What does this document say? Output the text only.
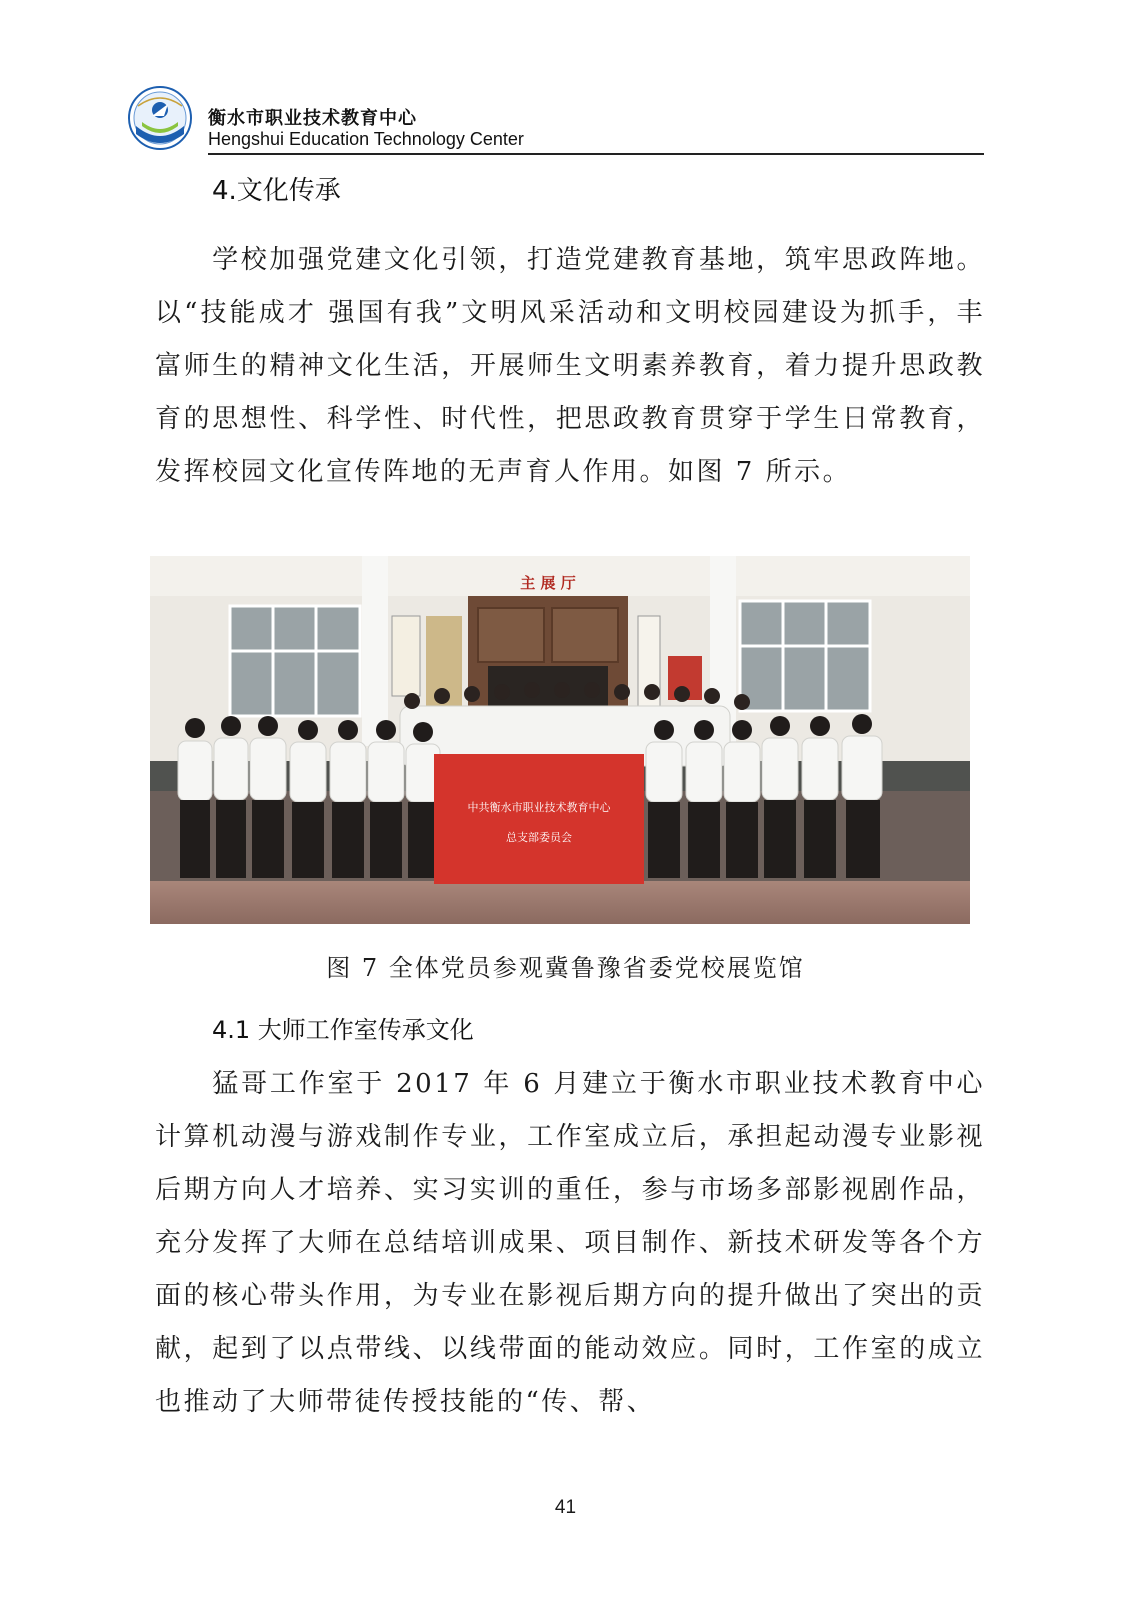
衡水市职业技术教育中心
Hengshui Education Technology Center
4.文化传承

学校加强党建文化引领，打造党建教育基地，筑牢思政阵地。以“技能成才 强国有我”文明风采活动和文明校园建设为抓手，丰富师生的精神文化生活，开展师生文明素养教育，着力提升思政教育的思想性、科学性、时代性，把思政教育贯穿于学生日常教育，发挥校园文化宣传阵地的无声育人作用。如图 7 所示。

主 展 厅
中共衡水市职业技术教育中心
总支部委员会
图 7 全体党员参观冀鲁豫省委党校展览馆
4.1 大师工作室传承文化

猛哥工作室于 2017 年 6 月建立于衡水市职业技术教育中心计算机动漫与游戏制作专业，工作室成立后，承担起动漫专业影视后期方向人才培养、实习实训的重任，参与市场多部影视剧作品，充分发挥了大师在总结培训成果、项目制作、新技术研发等各个方面的核心带头作用，为专业在影视后期方向的提升做出了突出的贡献，起到了以点带线、以线带面的能动效应。同时，工作室的成立也推动了大师带徒传授技能的“传、帮、

41
